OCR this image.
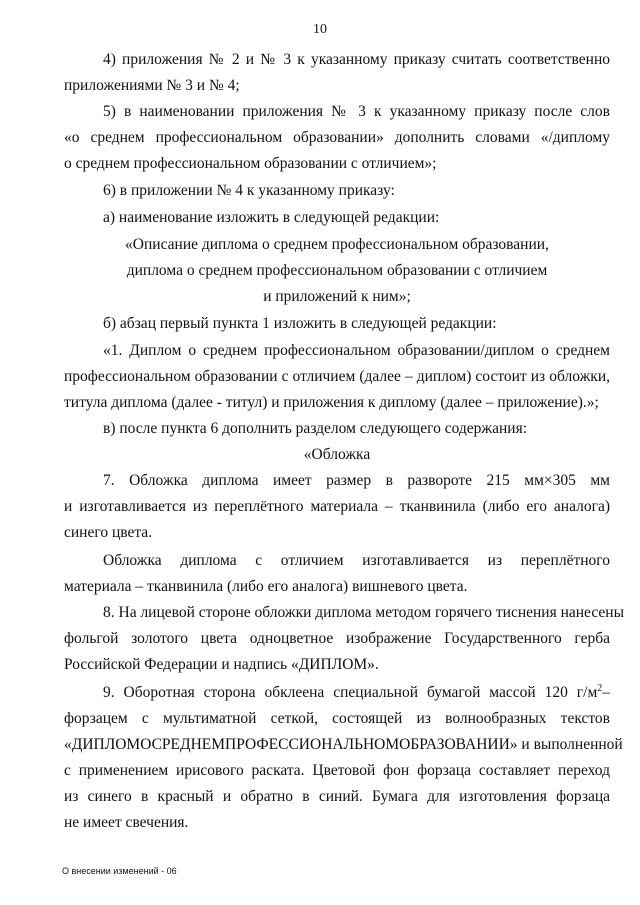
10
4) приложения № 2 и № 3 к указанному приказу считать соответственно
приложениями № 3 и № 4;
5) в наименовании приложения № 3 к указанному приказу после слов
«о среднем профессиональном образовании» дополнить словами «/диплому
о среднем профессиональном образовании с отличием»;
6) в приложении № 4 к указанному приказу:
а) наименование изложить в следующей редакции:
«Описание диплома о среднем профессиональном образовании,
диплома о среднем профессиональном образовании с отличием
и приложений к ним»;
б) абзац первый пункта 1 изложить в следующей редакции:
«1. Диплом о среднем профессиональном образовании/диплом о среднем
профессиональном образовании с отличием (далее – диплом) состоит из обложки,
титула диплома (далее - титул) и приложения к диплому (далее – приложение).»;
в) после пункта 6 дополнить разделом следующего содержания:
«Обложка
7. Обложка диплома имеет размер в развороте 215 мм×305 мм
и изготавливается из переплётного материала – тканвинила (либо его аналога)
синего цвета.
Обложка диплома с отличием изготавливается из переплётного
материала – тканвинила (либо его аналога) вишневого цвета.
8. На лицевой стороне обложки диплома методом горячего тиснения нанесены
фольгой золотого цвета одноцветное изображение Государственного герба
Российской Федерации и надпись «ДИПЛОМ».
9. Оборотная сторона обклеена специальной бумагой массой 120 $г/м^2-$
форзацем с мультиматной сеткой, состоящей из волнообразных текстов
«ДИПЛОМОСРЕДНЕМПРОФЕССИОНАЛЬНОМОБРАЗОВАНИИ» и выполненной
с применением ирисового раската. Цветовой фон форзаца составляет переход
из синего в красный и обратно в синий. Бумага для изготовления форзаца
не имеет свечения.
О внесении изменений - 06
